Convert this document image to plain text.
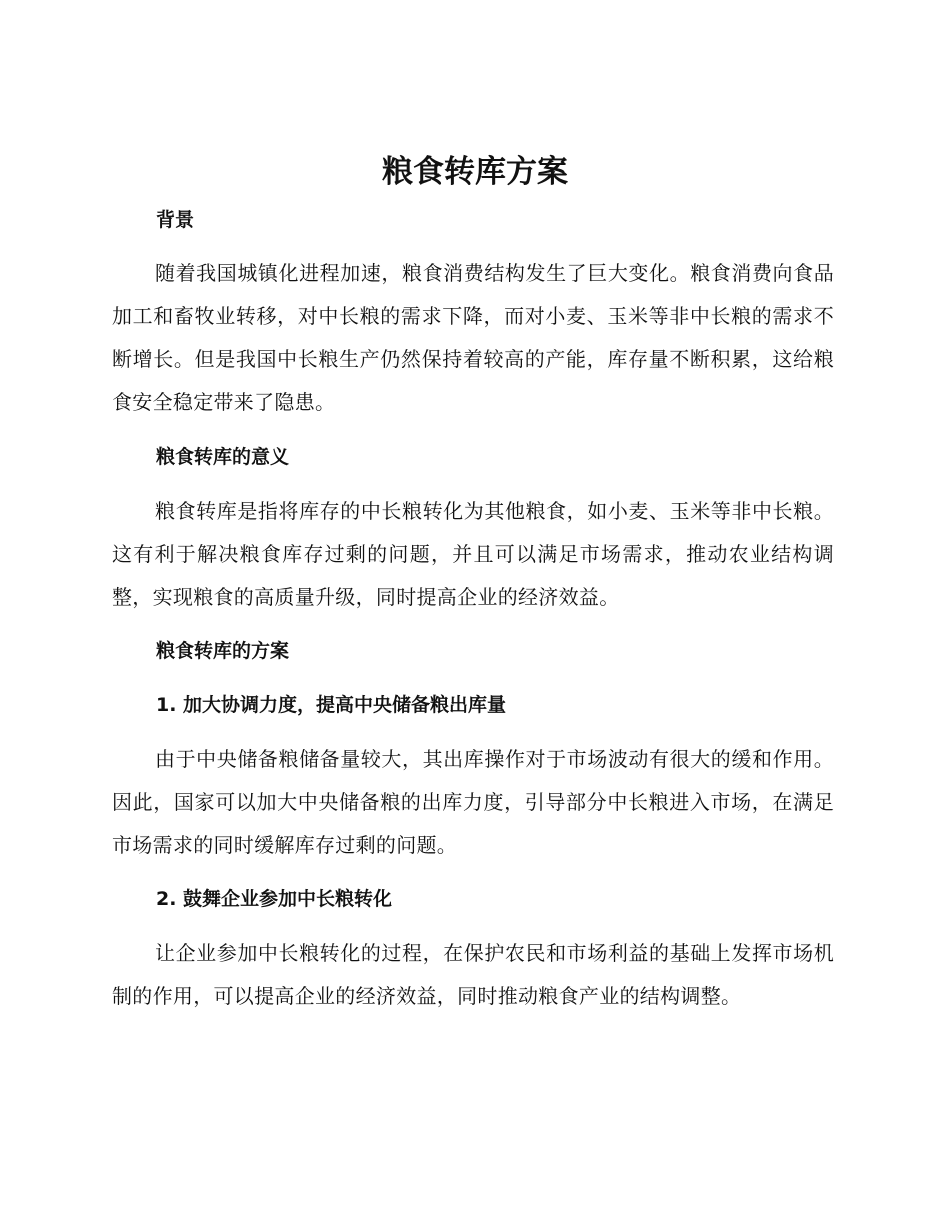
粮食转库方案
背景

随着我国城镇化进程加速，粮食消费结构发生了巨大变化。粮食消费向食品加工和畜牧业转移，对中长粮的需求下降，而对小麦、玉米等非中长粮的需求不断增长。但是我国中长粮生产仍然保持着较高的产能，库存量不断积累，这给粮食安全稳定带来了隐患。

粮食转库的意义

粮食转库是指将库存的中长粮转化为其他粮食，如小麦、玉米等非中长粮。这有利于解决粮食库存过剩的问题，并且可以满足市场需求，推动农业结构调整，实现粮食的高质量升级，同时提高企业的经济效益。

粮食转库的方案
1. 加大协调力度，提高中央储备粮出库量

由于中央储备粮储备量较大，其出库操作对于市场波动有很大的缓和作用。因此，国家可以加大中央储备粮的出库力度，引导部分中长粮进入市场，在满足市场需求的同时缓解库存过剩的问题。

2. 鼓舞企业参加中长粮转化

让企业参加中长粮转化的过程，在保护农民和市场利益的基础上发挥市场机制的作用，可以提高企业的经济效益，同时推动粮食产业的结构调整。
